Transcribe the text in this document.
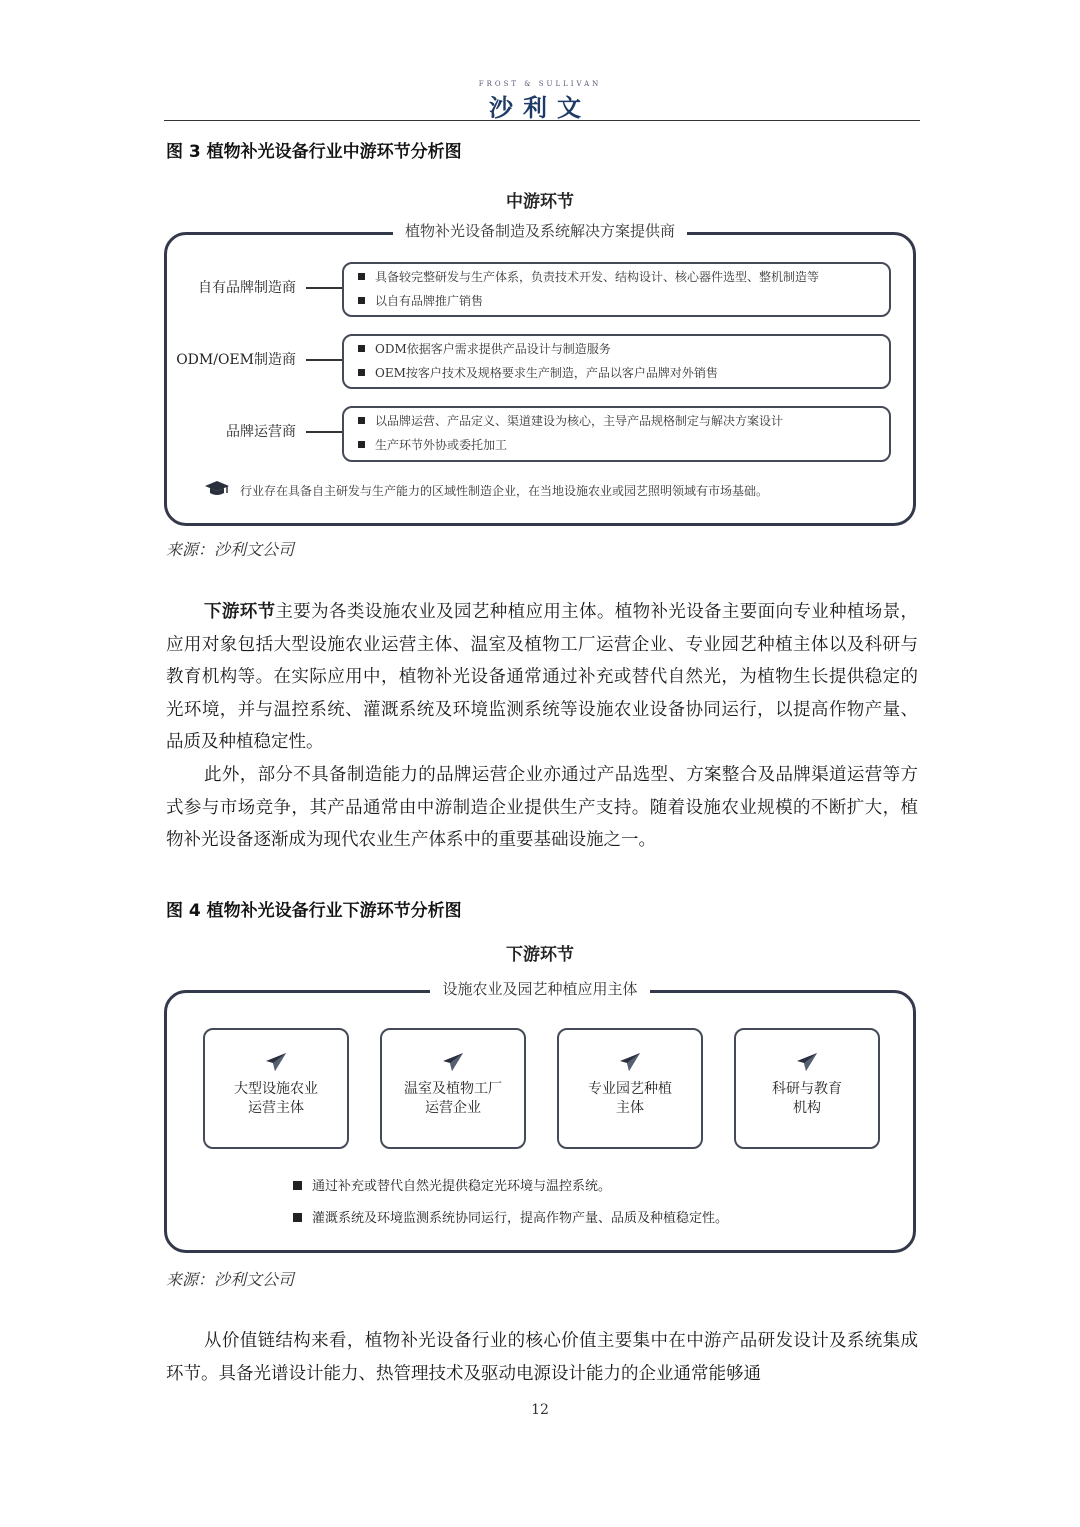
FROST & SULLIVAN
沙利文
图 3 植物补光设备行业中游环节分析图
中游环节
植物补光设备制造及系统解决方案提供商
自有品牌制造商

具备较完整研发与生产体系，负责技术开发、结构设计、核心器件选型、整机制造等

以自有品牌推广销售

ODM/OEM制造商

ODM依据客户需求提供产品设计与制造服务

OEM按客户技术及规格要求生产制造，产品以客户品牌对外销售

品牌运营商

以品牌运营、产品定义、渠道建设为核心，主导产品规格制定与解决方案设计

生产环节外协或委托加工

行业存在具备自主研发与生产能力的区域性制造企业，在当地设施农业或园艺照明领域有市场基础。
来源：沙利文公司

下游环节主要为各类设施农业及园艺种植应用主体。植物补光设备主要面向专业种植场景，应用对象包括大型设施农业运营主体、温室及植物工厂运营企业、专业园艺种植主体以及科研与教育机构等。在实际应用中，植物补光设备通常通过补充或替代自然光，为植物生长提供稳定的光环境，并与温控系统、灌溉系统及环境监测系统等设施农业设备协同运行，以提高作物产量、品质及种植稳定性。

此外，部分不具备制造能力的品牌运营企业亦通过产品选型、方案整合及品牌渠道运营等方式参与市场竞争，其产品通常由中游制造企业提供生产支持。随着设施农业规模的不断扩大，植物补光设备逐渐成为现代农业生产体系中的重要基础设施之一。

图 4 植物补光设备行业下游环节分析图
下游环节
设施农业及园艺种植应用主体
大型设施农业
运营主体
温室及植物工厂
运营企业
专业园艺种植
主体
科研与教育
机构
通过补充或替代自然光提供稳定光环境与温控系统。
灌溉系统及环境监测系统协同运行，提高作物产量、品质及种植稳定性。
来源：沙利文公司

从价值链结构来看，植物补光设备行业的核心价值主要集中在中游产品研发设计及系统集成环节。具备光谱设计能力、热管理技术及驱动电源设计能力的企业通常能够通

12
